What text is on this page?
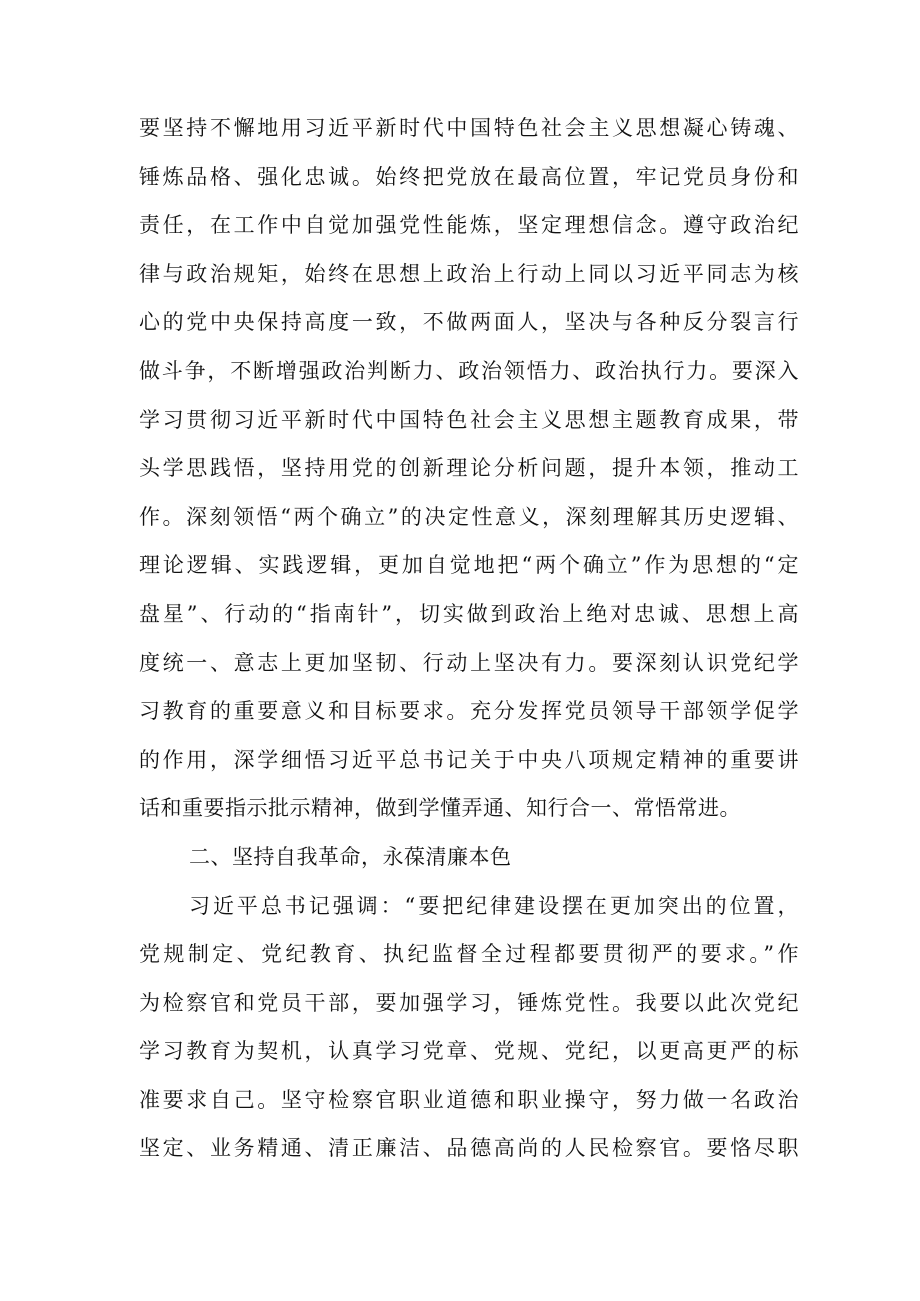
要坚持不懈地用习近平新时代中国特色社会主义思想凝心铸魂、
锤炼品格、强化忠诚。始终把党放在最高位置，牢记党员身份和
责任，在工作中自觉加强党性能炼，坚定理想信念。遵守政治纪
律与政治规矩，始终在思想上政治上行动上同以习近平同志为核
心的党中央保持高度一致，不做两面人，坚决与各种反分裂言行
做斗争，不断增强政治判断力、政治领悟力、政治执行力。要深入
学习贯彻习近平新时代中国特色社会主义思想主题教育成果，带
头学思践悟，坚持用党的创新理论分析问题，提升本领，推动工
作。深刻领悟“两个确立”的决定性意义，深刻理解其历史逻辑、
理论逻辑、实践逻辑，更加自觉地把“两个确立”作为思想的“定
盘星”、行动的“指南针”，切实做到政治上绝对忠诚、思想上高
度统一、意志上更加坚韧、行动上坚决有力。要深刻认识党纪学
习教育的重要意义和目标要求。充分发挥党员领导干部领学促学
的作用，深学细悟习近平总书记关于中央八项规定精神的重要讲
话和重要指示批示精神，做到学懂弄通、知行合一、常悟常进。
二、坚持自我革命，永葆清廉本色
习近平总书记强调：“要把纪律建设摆在更加突出的位置，
党规制定、党纪教育、执纪监督全过程都要贯彻严的要求。”作
为检察官和党员干部，要加强学习，锤炼党性。我要以此次党纪
学习教育为契机，认真学习党章、党规、党纪，以更高更严的标
准要求自己。坚守检察官职业道德和职业操守，努力做一名政治
坚定、业务精通、清正廉洁、品德高尚的人民检察官。要恪尽职
